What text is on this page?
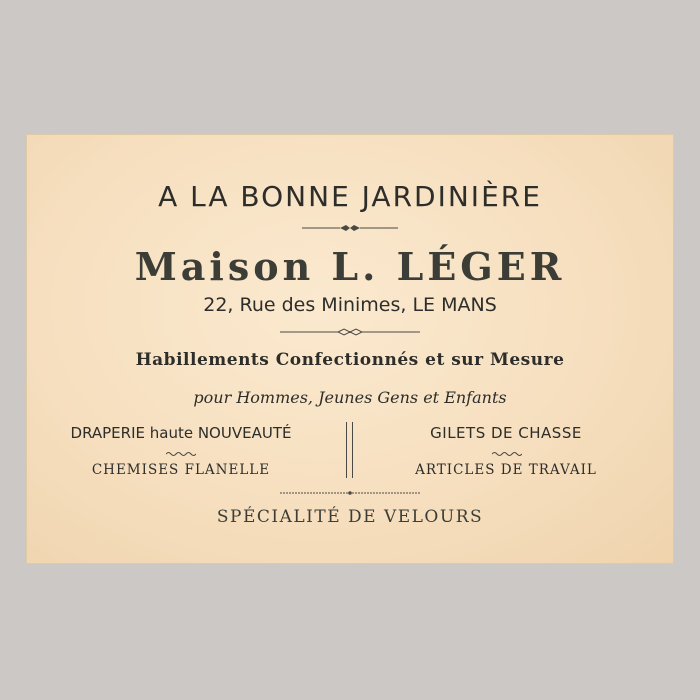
A LA BONNE JARDINIÈRE
Maison L. LÉGER
22, Rue des Minimes, LE MANS
Habillements Confectionnés et sur Mesure
pour Hommes, Jeunes Gens et Enfants
DRAPERIE haute NOUVEAUTÉ	GILETS DE CHASSE
CHEMISES FLANELLE	ARTICLES DE TRAVAIL
SPÉCIALITÉ DE VELOURS
